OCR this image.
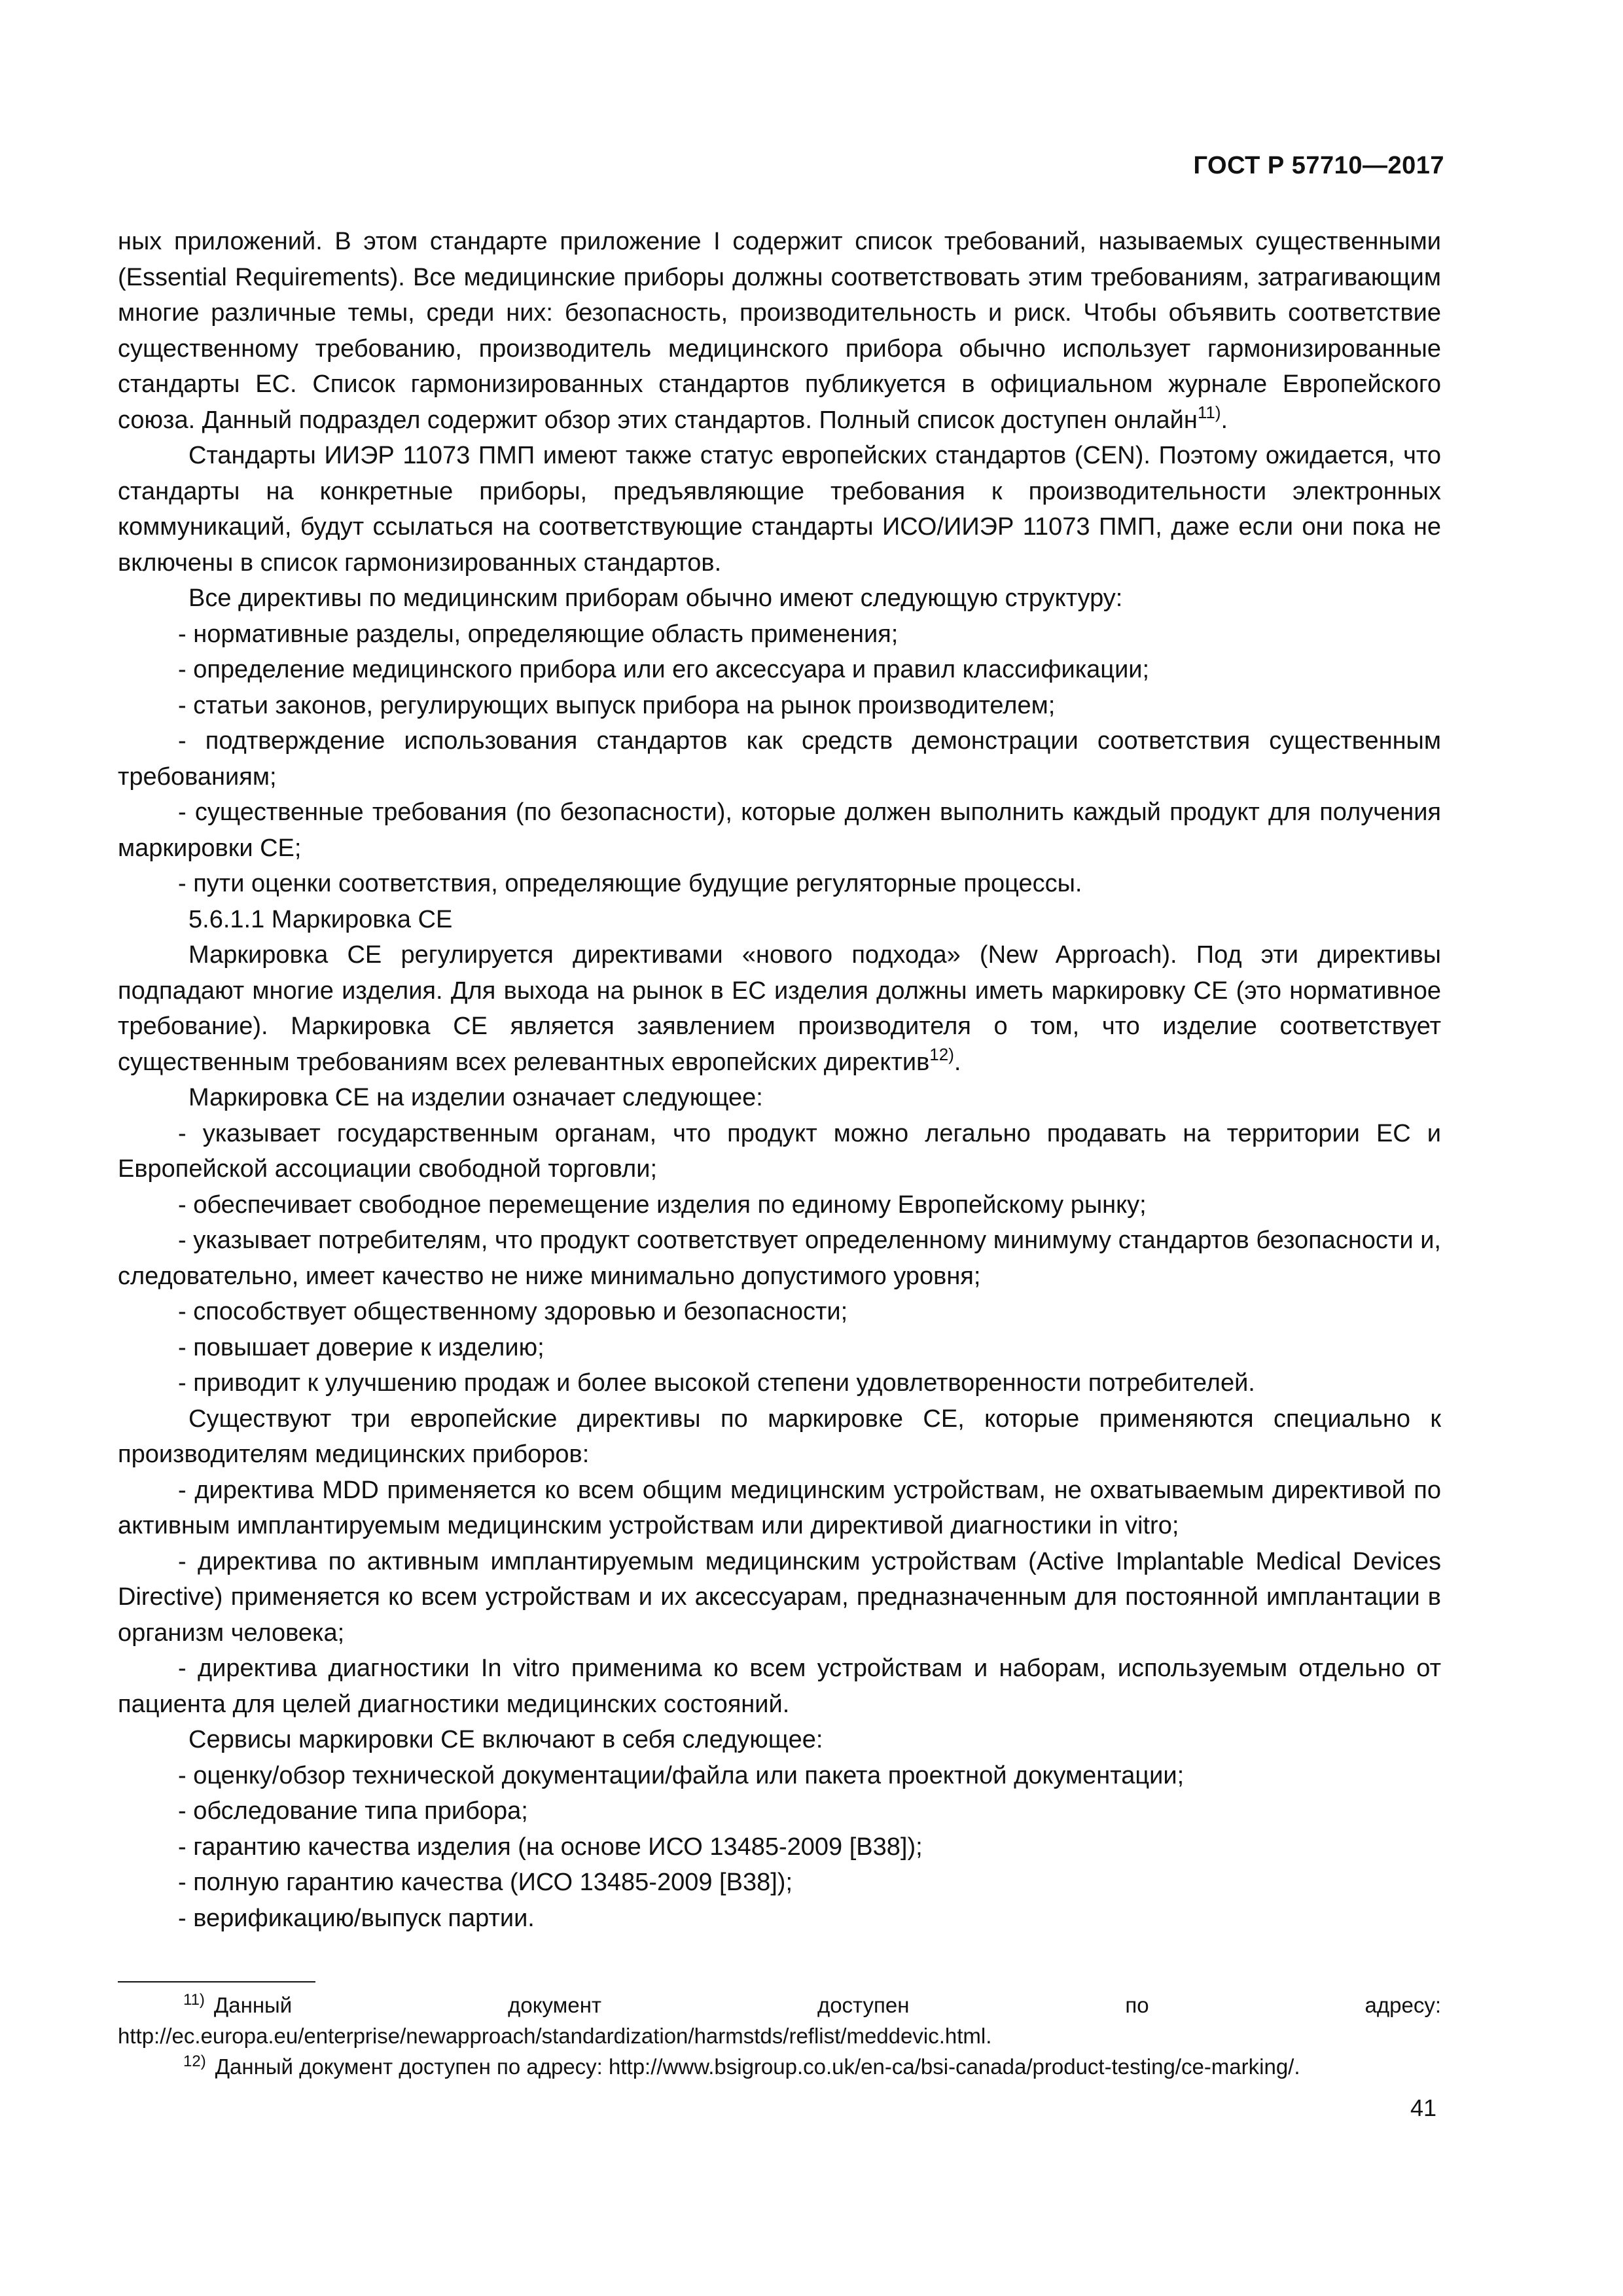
ГОСТ Р 57710—2017

ных приложений. В этом стандарте приложение I содержит список требований, называемых существенными (Essential Requirements). Все медицинские приборы должны соответствовать этим требованиям, затрагивающим многие различные темы, среди них: безопасность, производительность и риск. Чтобы объявить соответствие существенному требованию, производитель медицинского прибора обычно использует гармонизированные стандарты ЕС. Список гармонизированных стандартов публикуется в официальном журнале Европейского союза. Данный подраздел содержит обзор этих стандартов. Полный список доступен онлайн$^{11)}$.

Стандарты ИИЭР 11073 ПМП имеют также статус европейских стандартов (CEN). Поэтому ожидается, что стандарты на конкретные приборы, предъявляющие требования к производительности электронных коммуникаций, будут ссылаться на соответствующие стандарты ИСО/ИИЭР 11073 ПМП, даже если они пока не включены в список гармонизированных стандартов.

Все директивы по медицинским приборам обычно имеют следующую структуру:

- нормативные разделы, определяющие область применения;

- определение медицинского прибора или его аксессуара и правил классификации;

- статьи законов, регулирующих выпуск прибора на рынок производителем;

- подтверждение использования стандартов как средств демонстрации соответствия существенным требованиям;

- существенные требования (по безопасности), которые должен выполнить каждый продукт для получения маркировки СЕ;

- пути оценки соответствия, определяющие будущие регуляторные процессы.

5.6.1.1 Маркировка СЕ

Маркировка СЕ регулируется директивами «нового подхода» (New Approach). Под эти директивы подпадают многие изделия. Для выхода на рынок в ЕС изделия должны иметь маркировку СЕ (это нормативное требование). Маркировка СЕ является заявлением производителя о том, что изделие соответствует существенным требованиям всех релевантных европейских директив$^{12)}$.

Маркировка СЕ на изделии означает следующее:

- указывает государственным органам, что продукт можно легально продавать на территории ЕС и Европейской ассоциации свободной торговли;

- обеспечивает свободное перемещение изделия по единому Европейскому рынку;

- указывает потребителям, что продукт соответствует определенному минимуму стандартов безопасности и, следовательно, имеет качество не ниже минимально допустимого уровня;

- способствует общественному здоровью и безопасности;

- повышает доверие к изделию;

- приводит к улучшению продаж и более высокой степени удовлетворенности потребителей.

Существуют три европейские директивы по маркировке СЕ, которые применяются специально к производителям медицинских приборов:

- директива MDD применяется ко всем общим медицинским устройствам, не охватываемым директивой по активным имплантируемым медицинским устройствам или директивой диагностики in vitro;

- директива по активным имплантируемым медицинским устройствам (Active Implantable Medical Devices Directive) применяется ко всем устройствам и их аксессуарам, предназначенным для постоянной имплантации в организм человека;

- директива диагностики In vitro применима ко всем устройствам и наборам, используемым отдельно от пациента для целей диагностики медицинских состояний.

Сервисы маркировки СЕ включают в себя следующее:

- оценку/обзор технической документации/файла или пакета проектной документации;

- обследование типа прибора;

- гарантию качества изделия (на основе ИСО 13485-2009 [B38]);

- полную гарантию качества (ИСО 13485-2009 [B38]);

- верификацию/выпуск партии.

$^{11)}$ Данный документ доступен по адресу: http://ec.europa.eu/enterprise/newapproach/standardization/harmstds/reflist/meddevic.html.

$^{12)}$ Данный документ доступен по адресу: http://www.bsigroup.co.uk/en-ca/bsi-canada/product-testing/ce-marking/.

41
